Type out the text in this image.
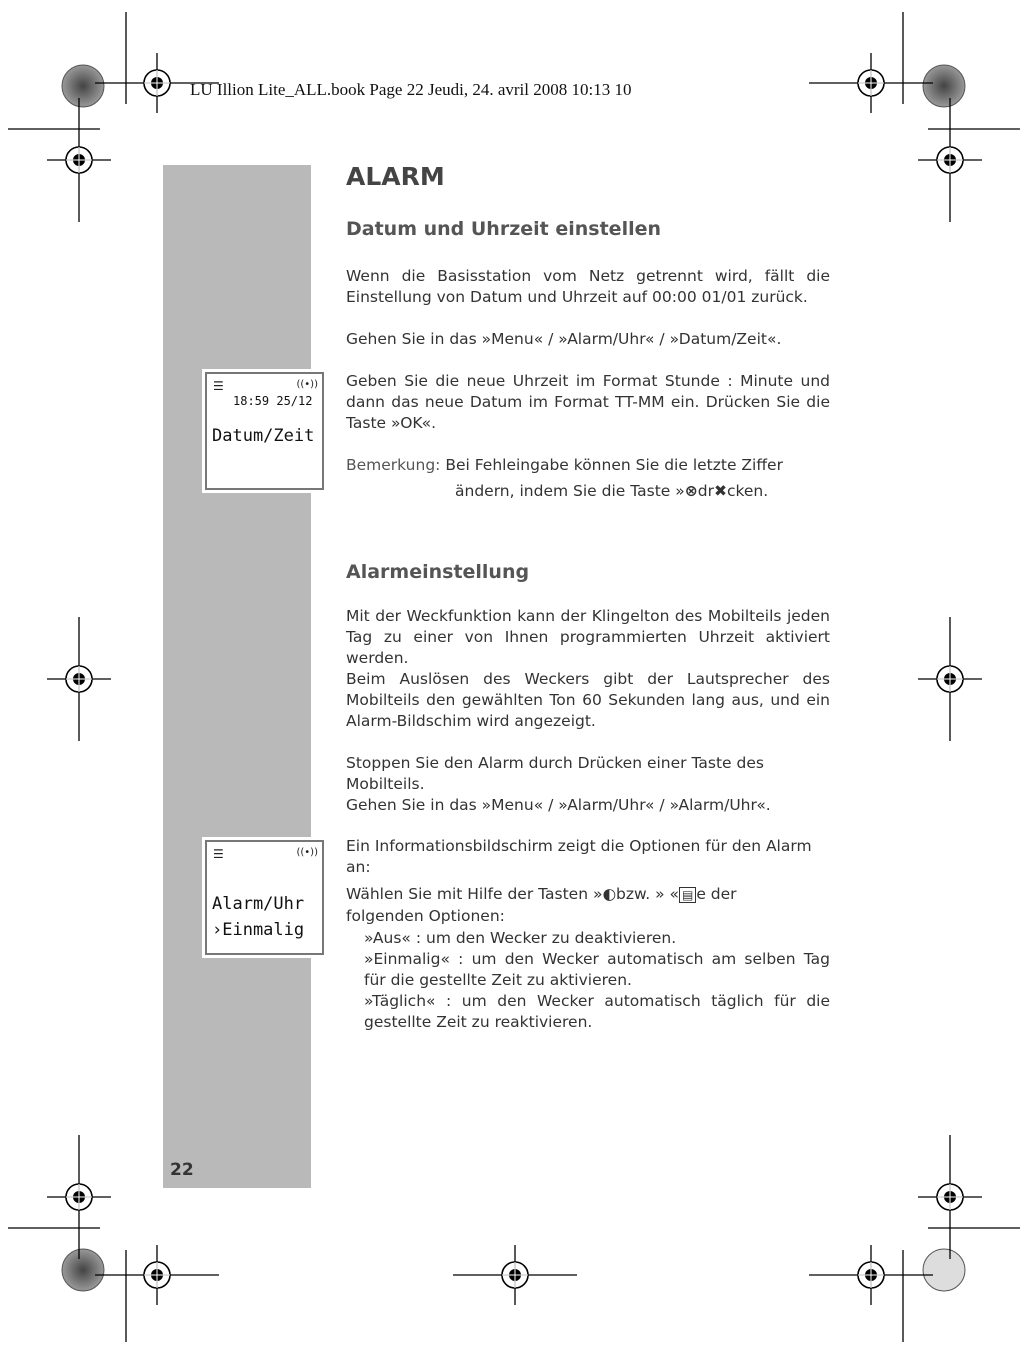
LU Illion Lite_ALL.book Page 22 Jeudi, 24. avril 2008 10:13 10
22
☰	((•))
18:59 25/12
Datum/Zeit
☰	((•))
Alarm/Uhr
›Einmalig
ALARM
Datum und Uhrzeit einstellen
Wenn die Basisstation vom Netz getrennt wird, fällt die Einstellung von Datum und Uhrzeit auf 00:00 01/01 zurück.
Gehen Sie in das »Menu« / »Alarm/Uhr« / »Datum/Zeit«.
Geben Sie die neue Uhrzeit im Format Stunde : Minute und dann das neue Datum im Format TT-MM ein. Drücken Sie die Taste »OK«.
Bemerkung: Bei Fehleingabe können Sie die letzte Ziffer
ändern, indem Sie die Taste »⊗dr✖cken.
Alarmeinstellung
Mit der Weckfunktion kann der Klingelton des Mobilteils jeden Tag zu einer von Ihnen programmierten Uhrzeit aktiviert werden.
Beim Auslösen des Weckers gibt der Lautsprecher des Mobilteils den gewählten Ton 60 Sekunden lang aus, und ein Alarm-Bildschim wird angezeigt.
Stoppen Sie den Alarm durch Drücken einer Taste des Mobilteils.
Gehen Sie in das »Menu« / »Alarm/Uhr« / »Alarm/Uhr«.
Ein Informationsbildschirm zeigt die Optionen für den Alarm an:
Wählen Sie mit Hilfe der Tasten »◐bzw. » « ▤ e der
folgenden Optionen:
»Aus« : um den Wecker zu deaktivieren.
»Einmalig« : um den Wecker automatisch am selben Tag für die gestellte Zeit zu aktivieren.
»Täglich« : um den Wecker automatisch täglich für die gestellte Zeit zu reaktivieren.
